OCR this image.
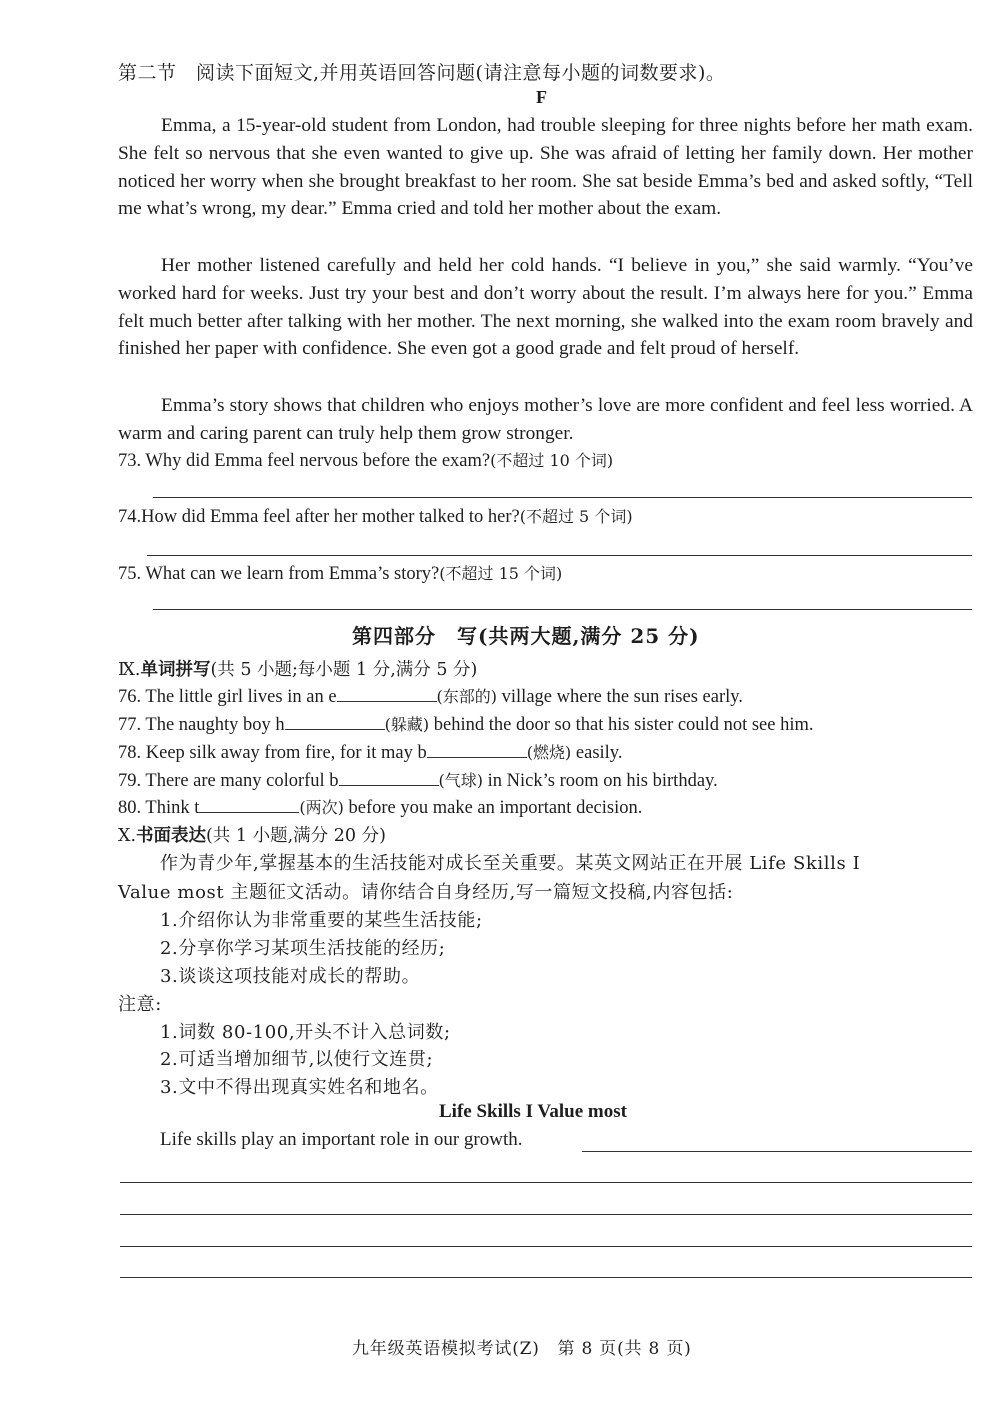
第二节　阅读下面短文,并用英语回答问题(请注意每小题的词数要求)。
F
Emma, a 15-year-old student from London, had trouble sleeping for three nights before her math exam. She felt so nervous that she even wanted to give up. She was afraid of letting her family down. Her mother noticed her worry when she brought breakfast to her room. She sat beside Emma’s bed and asked softly, “Tell me what’s wrong, my dear.” Emma cried and told her mother about the exam.
Her mother listened carefully and held her cold hands. “I believe in you,” she said warmly. “You’ve worked hard for weeks. Just try your best and don’t worry about the result. I’m always here for you.” Emma felt much better after talking with her mother. The next morning, she walked into the exam room bravely and finished her paper with confidence. She even got a good grade and felt proud of herself.
Emma’s story shows that children who enjoys mother’s love are more confident and feel less worried. A warm and caring parent can truly help them grow stronger.
73. Why did Emma feel nervous before the exam?(不超过 10 个词)
74.How did Emma feel after her mother talked to her?(不超过 5 个词)
75. What can we learn from Emma’s story?(不超过 15 个词)
第四部分　写(共两大题,满分 25 分)
Ⅸ.单词拼写(共 5 小题;每小题 1 分,满分 5 分)
76. The little girl lives in an e	(东部的) village where the sun rises early.
77. The naughty boy h	(躲藏) behind the door so that his sister could not see him.
78. Keep silk away from fire, for it may b	(燃烧) easily.
79. There are many colorful b	(气球) in Nick’s room on his birthday.
80. Think t	(两次) before you make an important decision.
Ⅹ.书面表达(共 1 小题,满分 20 分)
作为青少年,掌握基本的生活技能对成长至关重要。某英文网站正在开展 Life Skills I
Value most 主题征文活动。请你结合自身经历,写一篇短文投稿,内容包括:
1.介绍你认为非常重要的某些生活技能;
2.分享你学习某项生活技能的经历;
3.谈谈这项技能对成长的帮助。
注意:
1.词数 80-100,开头不计入总词数;
2.可适当增加细节,以使行文连贯;
3.文中不得出现真实姓名和地名。
Life Skills I Value most
Life skills play an important role in our growth.
九年级英语模拟考试(Z)　第 8 页(共 8 页)
